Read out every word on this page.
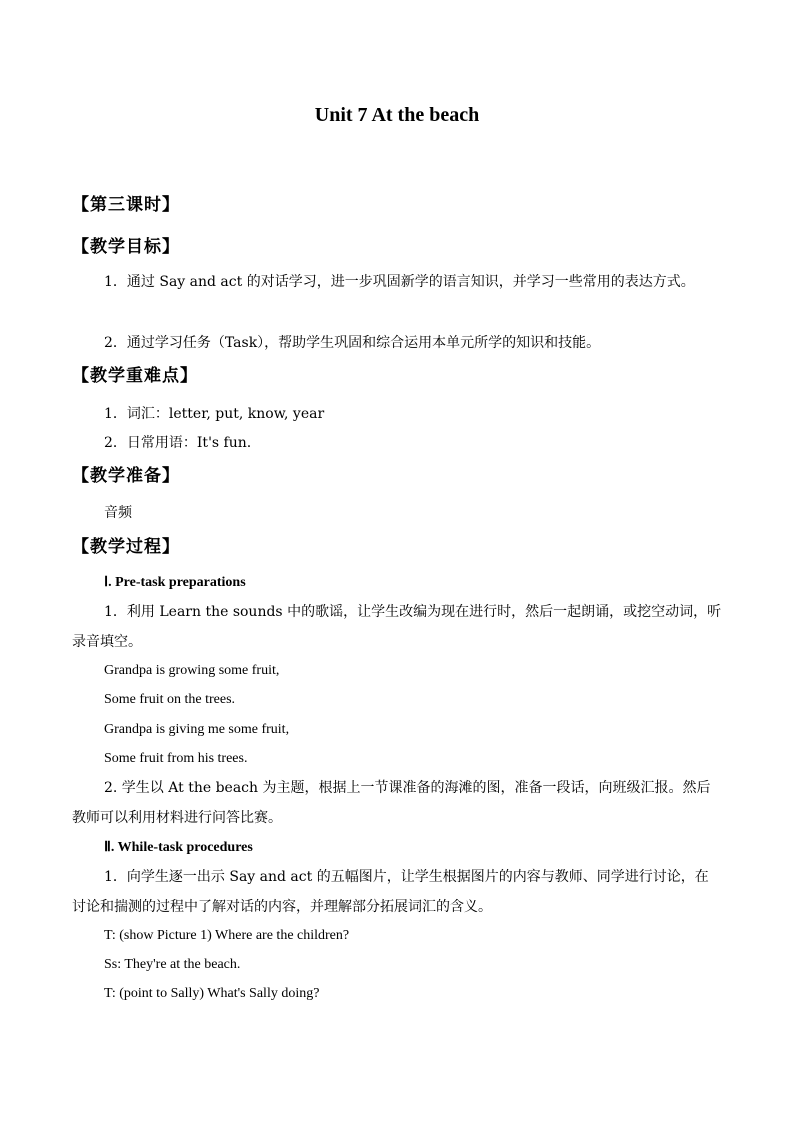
Unit 7 At the beach
【第三课时】
【教学目标】
1．通过 Say and act 的对话学习，进一步巩固新学的语言知识，并学习一些常用的表达方式。
2．通过学习任务（Task），帮助学生巩固和综合运用本单元所学的知识和技能。
【教学重难点】
1．词汇：letter, put, know, year
2．日常用语：It's fun.
【教学准备】
音频
【教学过程】
Ⅰ. Pre-task preparations
1．利用 Learn the sounds 中的歌谣，让学生改编为现在进行时，然后一起朗诵，或挖空动词，听录音填空。
Grandpa is growing some fruit,
Some fruit on the trees.
Grandpa is giving me some fruit,
Some fruit from his trees.
2. 学生以 At the beach 为主题，根据上一节课准备的海滩的图，准备一段话，向班级汇报。然后教师可以利用材料进行问答比赛。
Ⅱ. While-task procedures
1．向学生逐一出示 Say and act 的五幅图片，让学生根据图片的内容与教师、同学进行讨论，在讨论和揣测的过程中了解对话的内容，并理解部分拓展词汇的含义。
T: (show Picture 1) Where are the children?
Ss: They're at the beach.
T: (point to Sally) What's Sally doing?
